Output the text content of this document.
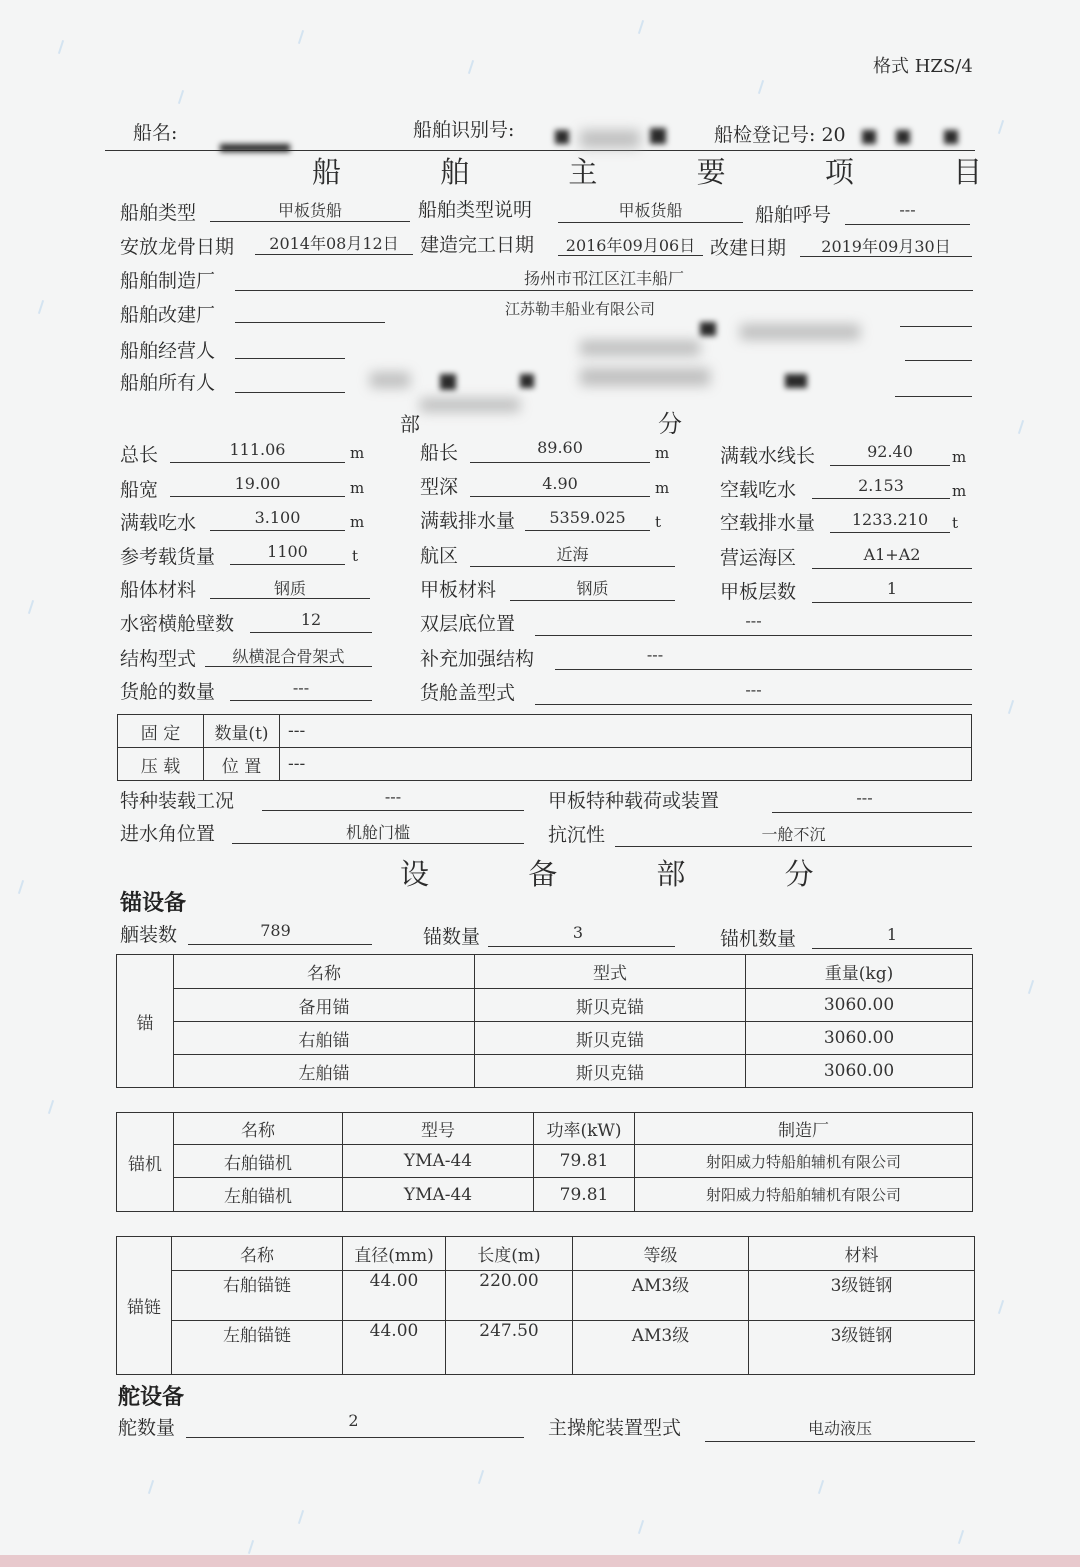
格式 HZS/4
船名:	船舶识别号:	船检登记号: 20
船 舶 主 要 项 目
船舶类型	甲板货船	船舶类型说明	甲板货船	船舶呼号	---
安放龙骨日期	2014年08月12日	建造完工日期	2016年09月06日 改建日期	2019年09月30日
船舶制造厂	扬州市邗江区江丰船厂
船舶改建厂	江苏勒丰船业有限公司
船舶经营人
船舶所有人
部	分
总长	111.06	m	船长	89.60	m	满载水线长	92.40	m
船宽	19.00	m	型深	4.90	m	空载吃水	2.153	m
满载吃水	3.100	m	满载排水量	5359.025	t	空载排水量	1233.210	t
参考载货量	1100	t	航区	近海	营运海区	A1+A2
船体材料	钢质	甲板材料	钢质	甲板层数	1
水密横舱壁数	12	双层底位置	---
结构型式	纵横混合骨架式	补充加强结构	---
货舱的数量	---	货舱盖型式	---
固 定	数量(t)	---
压 载	位 置	---
特种装载工况	---	甲板特种载荷或装置	---
进水角位置	机舱门槛	抗沉性	一舱不沉
设 备 部 分
锚设备
舾装数	789	锚数量	3	锚机数量	1
锚	名称	型式	重量(kg)
	备用锚	斯贝克锚	3060.00
	右舶锚	斯贝克锚	3060.00
	左舶锚	斯贝克锚	3060.00
锚机	名称	型号	功率(kW)	制造厂
	右舶锚机	YMA-44	79.81	射阳威力特船舶辅机有限公司
	左舶锚机	YMA-44	79.81	射阳威力特船舶辅机有限公司
锚链	名称	直径(mm)	长度(m)	等级	材料
	右舶锚链	44.00	220.00	AM3级	3级链钢
	左舶锚链	44.00	247.50	AM3级	3级链钢
舵设备
舵数量	2	主操舵装置型式	电动液压
